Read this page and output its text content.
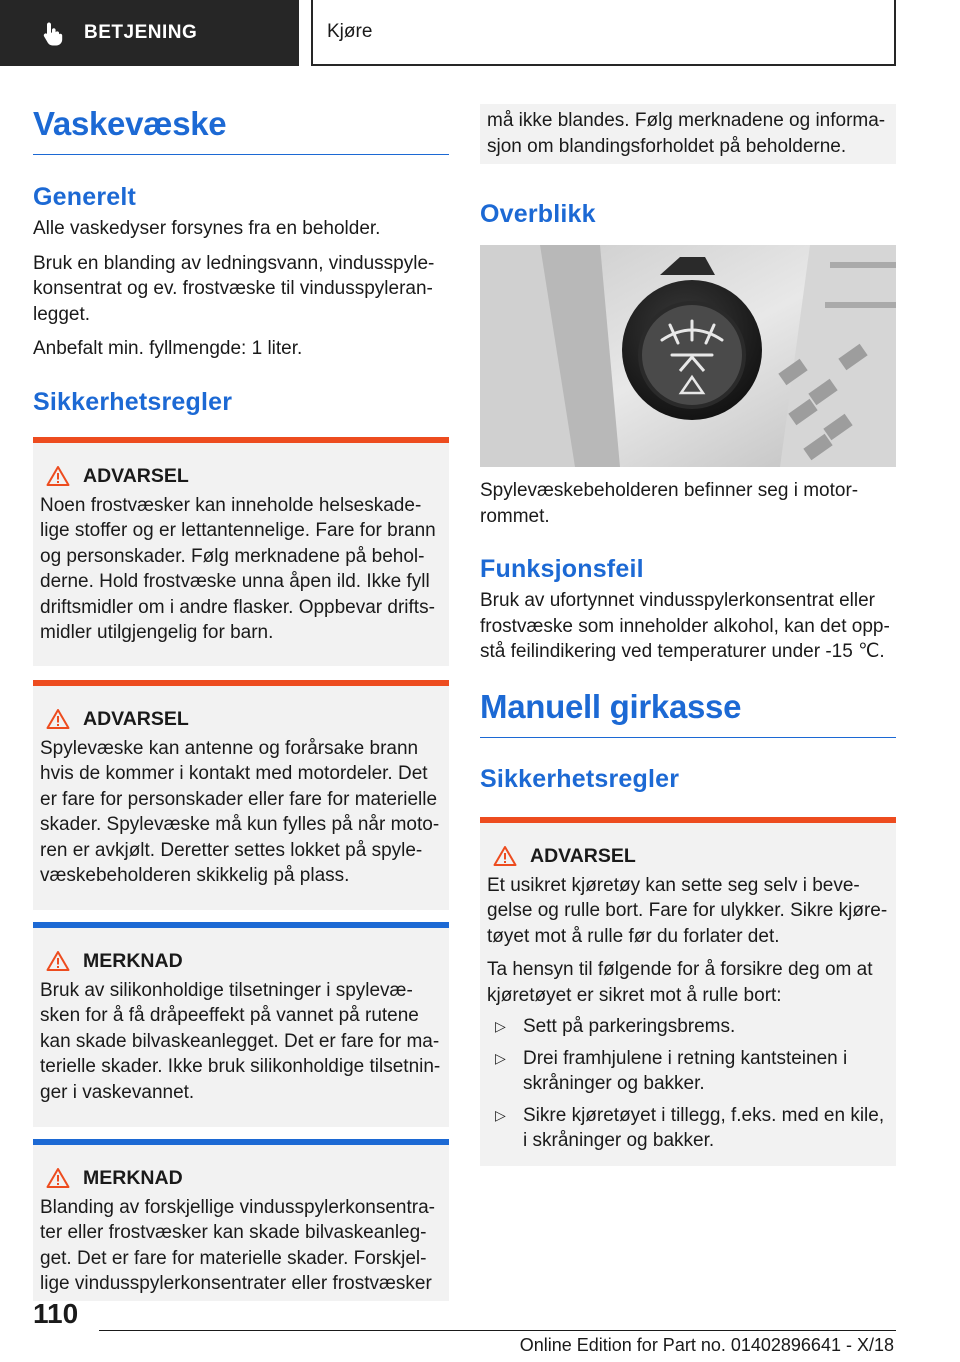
BETJENING	Kjøre
Vaskevæske
Generelt

Alle vaskedyser forsynes fra en beholder.

Bruk en blanding av ledningsvann, vindusspyle-konsentrat og ev. frostvæske til vindusspyleran-legget.

Anbefalt min. fyllmengde: 1 liter.

Sikkerhetsregler
ADVARSEL

Noen frostvæsker kan inneholde helseskade-lige stoffer og er lettantennelige. Fare for brann og personskader. Følg merknadene på behol-derne. Hold frostvæske unna åpen ild. Ikke fyll driftsmidler om i andre flasker. Oppbevar drifts-midler utilgjengelig for barn.

ADVARSEL

Spylevæske kan antenne og forårsake brann hvis de kommer i kontakt med motordeler. Det er fare for personskader eller fare for materielle skader. Spylevæske må kun fylles på når moto-ren er avkjølt. Deretter settes lokket på spyle-væskebeholderen skikkelig på plass.

MERKNAD

Bruk av silikonholdige tilsetninger i spylevæ-sken for å få dråpeeffekt på vannet på rutene kan skade bilvaskeanlegget. Det er fare for ma-terielle skader. Ikke bruk silikonholdige tilsetnin-ger i vaskevannet.

MERKNAD

Blanding av forskjellige vindusspylerkonsentra-ter eller frostvæsker kan skade bilvaskeanleg-get. Det er fare for materielle skader. Forskjel-lige vindusspylerkonsentrater eller frostvæsker

må ikke blandes. Følg merknadene og informa-sjon om blandingsforholdet på beholderne.

Overblikk

Spylevæskebeholderen befinner seg i motor-rommet.

Funksjonsfeil

Bruk av ufortynnet vindusspylerkonsentrat eller frostvæske som inneholder alkohol, kan det opp-stå feilindikering ved temperaturer under -15 ℃.

Manuell girkasse
Sikkerhetsregler
ADVARSEL

Et usikret kjøretøy kan sette seg selv i beve-gelse og rulle bort. Fare for ulykker. Sikre kjøre-tøyet mot å rulle før du forlater det.

Ta hensyn til følgende for å forsikre deg om at kjøretøyet er sikret mot å rulle bort:

▷ Sett på parkeringsbrems.
▷ Drei framhjulene i retning kantsteinen i skråninger og bakker.
▷ Sikre kjøretøyet i tillegg, f.eks. med en kile, i skråninger og bakker.
110
Online Edition for Part no. 01402896641 - X/18
